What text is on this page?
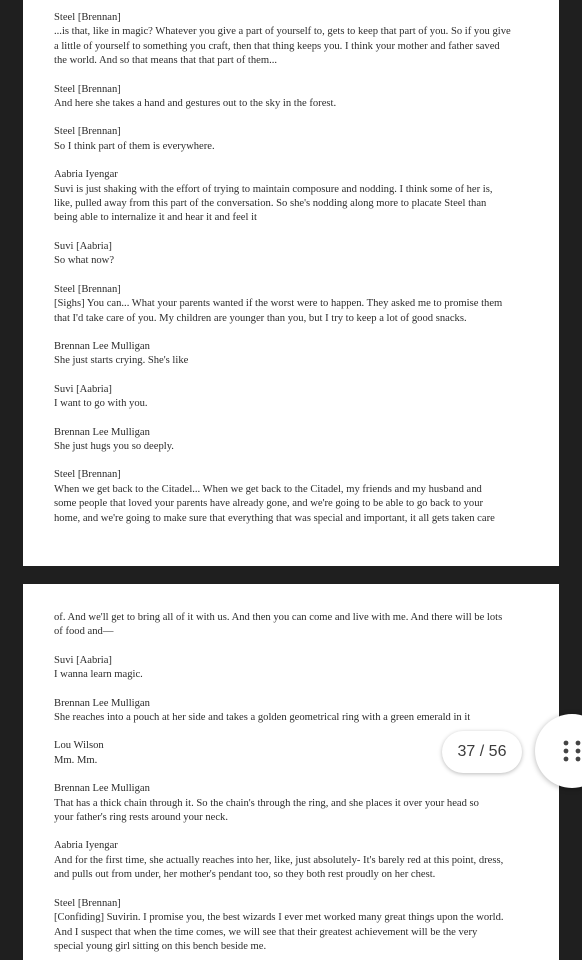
Steel [Brennan]
...is that, like in magic? Whatever you give a part of yourself to, gets to keep that part of you. So if you give
a little of yourself to something you craft, then that thing keeps you. I think your mother and father saved
the world. And so that means that that part of them...
Steel [Brennan]
And here she takes a hand and gestures out to the sky in the forest.
Steel [Brennan]
So I think part of them is everywhere.
Aabria Iyengar
Suvi is just shaking with the effort of trying to maintain composure and nodding. I think some of her is,
like, pulled away from this part of the conversation. So she's nodding along more to placate Steel than
being able to internalize it and hear it and feel it
Suvi [Aabria]
So what now?
Steel [Brennan]
[Sighs] You can... What your parents wanted if the worst were to happen. They asked me to promise them
that I'd take care of you. My children are younger than you, but I try to keep a lot of good snacks.
Brennan Lee Mulligan
She just starts crying. She's like
Suvi [Aabria]
I want to go with you.
Brennan Lee Mulligan
She just hugs you so deeply.
Steel [Brennan]
When we get back to the Citadel... When we get back to the Citadel, my friends and my husband and
some people that loved your parents have already gone, and we're going to be able to go back to your
home, and we're going to make sure that everything that was special and important, it all gets taken care
of. And we'll get to bring all of it with us. And then you can come and live with me. And there will be lots
of food and—
Suvi [Aabria]
I wanna learn magic.
Brennan Lee Mulligan
She reaches into a pouch at her side and takes a golden geometrical ring with a green emerald in it
Lou Wilson
Mm. Mm.
Brennan Lee Mulligan
That has a thick chain through it. So the chain's through the ring, and she places it over your head so
your father's ring rests around your neck.
Aabria Iyengar
And for the first time, she actually reaches into her, like, just absolutely- It's barely red at this point, dress,
and pulls out from under, her mother's pendant too, so they both rest proudly on her chest.
Steel [Brennan]
[Confiding] Suvirin. I promise you, the best wizards I ever met worked many great things upon the world.
And I suspect that when the time comes, we will see that their greatest achievement will be the very
special young girl sitting on this bench beside me.
37 / 56
